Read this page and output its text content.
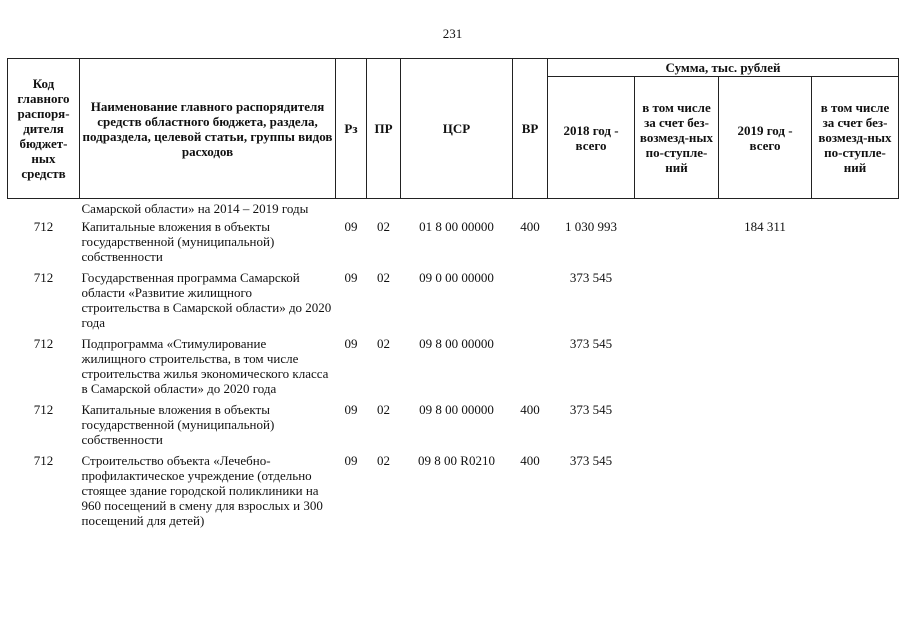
231
Код главного распоря-дителя бюджет-ных средств	Наименование главного распорядителя средств областного бюджета, раздела, подраздела, целевой статьи, группы видов расходов	Рз	ПР	ЦСР	ВР	Сумма, тыс. рублей			
						2018 год - всего	в том числе за счет без-возмезд-ных по-ступле-ний	2019 год - всего	в том числе за счет без-возмезд-ных по-ступле-ний
	Самарской области» на 2014 – 2019 годы								
712	Капитальные вложения в объекты государственной (муниципальной) собственности	09	02	01 8 00 00000	400	1 030 993		184 311	
712	Государственная программа Самарской области «Развитие жилищного строительства в Самарской области» до 2020 года	09	02	09 0 00 00000		373 545			
712	Подпрограмма «Стимулирование жилищного строительства, в том числе строительства жилья экономического класса в Самарской области» до 2020 года	09	02	09 8 00 00000		373 545			
712	Капитальные вложения в объекты государственной (муниципальной) собственности	09	02	09 8 00 00000	400	373 545			
712	Строительство объекта «Лечебно-профилактическое учреждение (отдельно стоящее здание городской поликлиники на 960 посещений в смену для взрослых и 300 посещений для детей)	09	02	09 8 00 R0210	400	373 545			
